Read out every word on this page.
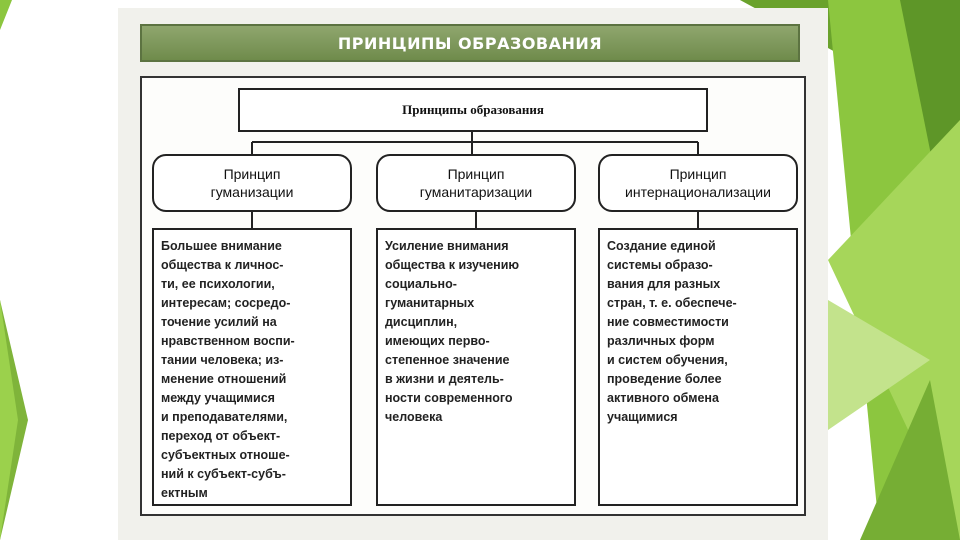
ПРИНЦИПЫ ОБРАЗОВАНИЯ
Принципы образования
Принцип
гуманизации
Принцип
гуманитаризации
Принцип
интернационализации
Большее внимание
общества к личнос-
ти, ее психологии,
интересам; сосредо-
точение усилий на
нравственном воспи-
тании человека; из-
менение отношений
между учащимися
и преподавателями,
переход от объект-
субъектных отноше-
ний к субъект-субъ-
ектным
Усиление внимания
общества к изучению
социально-
гуманитарных
дисциплин,
имеющих перво-
степенное значение
в жизни и деятель-
ности современного
человека
Создание единой
системы образо-
вания для разных
стран, т. е. обеспече-
ние совместимости
различных форм
и систем обучения,
проведение более
активного обмена
учащимися
